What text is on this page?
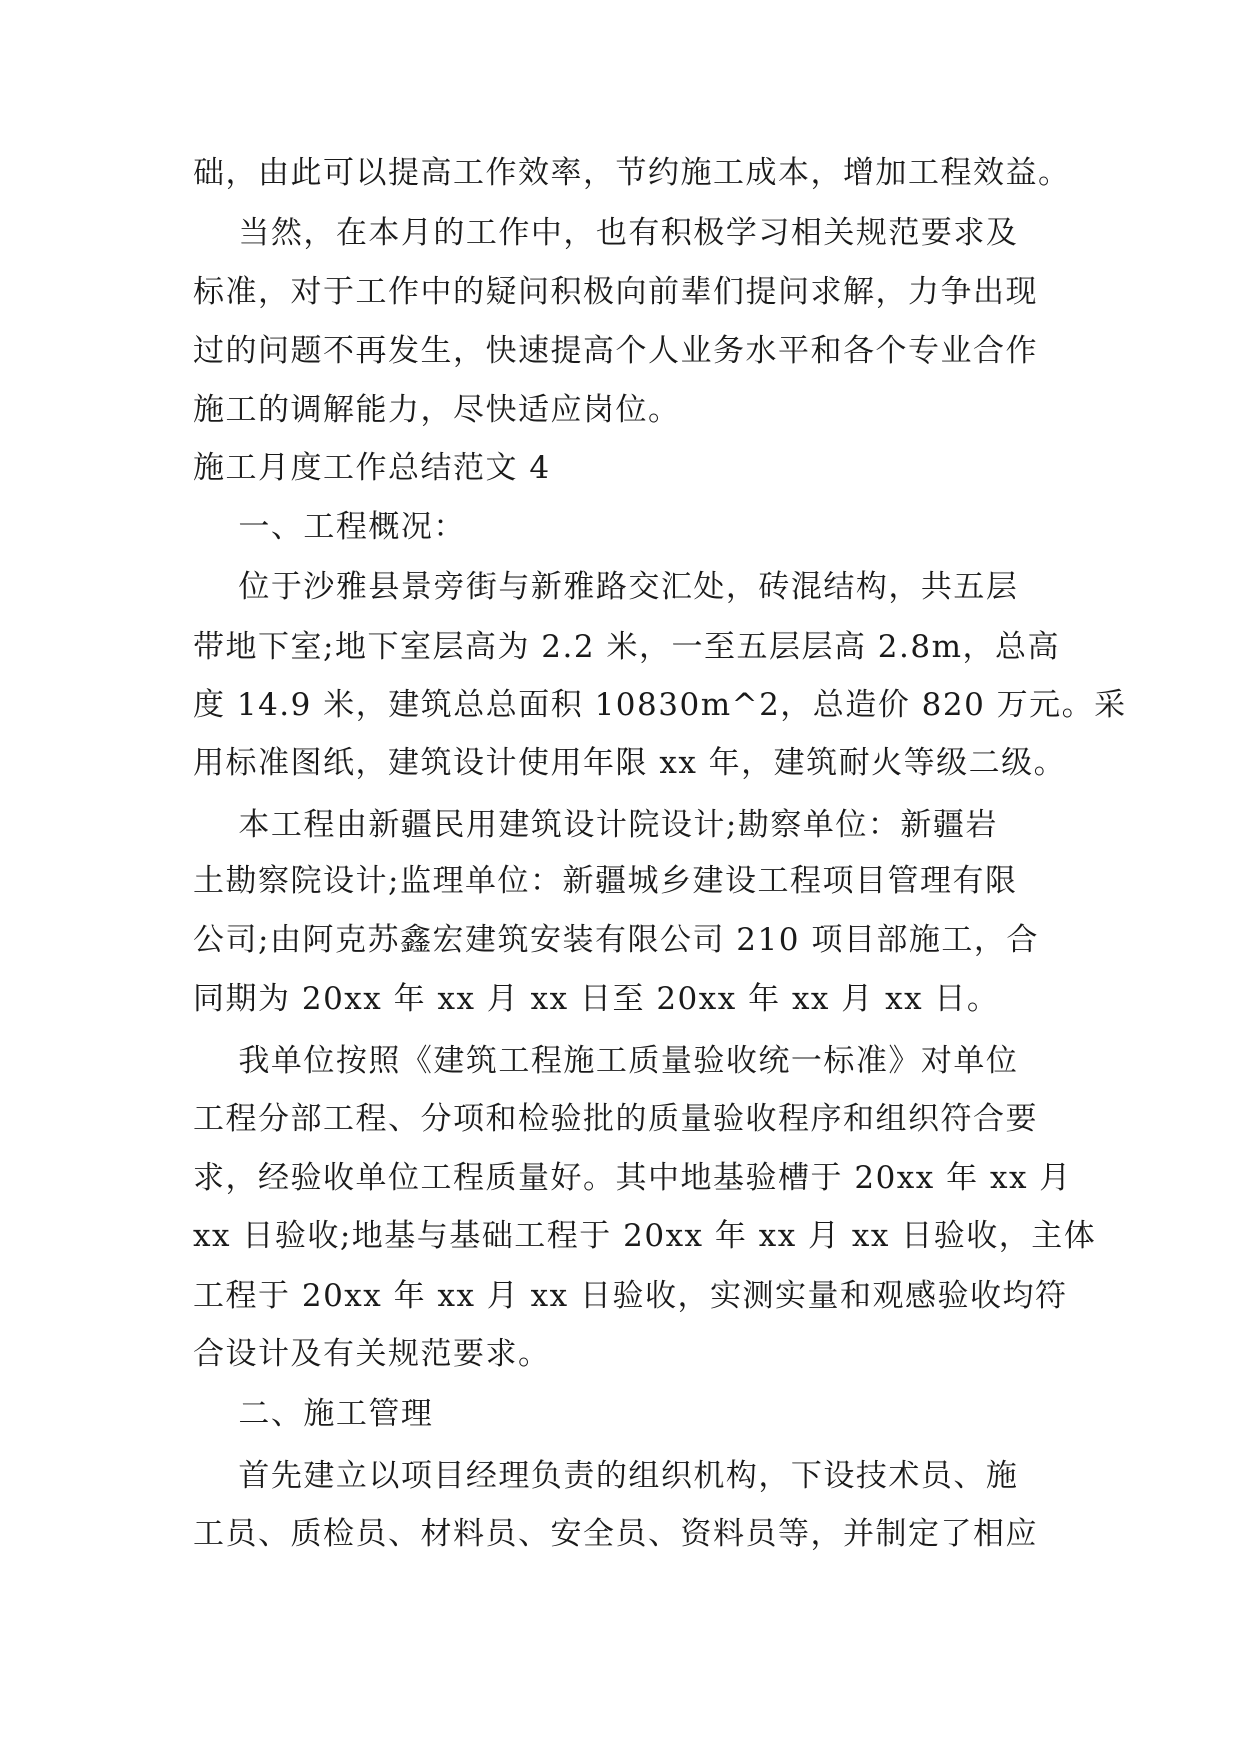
础，由此可以提高工作效率，节约施工成本，增加工程效益。
当然，在本月的工作中，也有积极学习相关规范要求及
标准，对于工作中的疑问积极向前辈们提问求解，力争出现
过的问题不再发生，快速提高个人业务水平和各个专业合作
施工的调解能力，尽快适应岗位。
施工月度工作总结范文 4
一、工程概况：
位于沙雅县景旁街与新雅路交汇处，砖混结构，共五层
带地下室;地下室层高为 2.2 米，一至五层层高 2.8m，总高
度 14.9 米，建筑总总面积 10830m^2，总造价 820 万元。采
用标准图纸，建筑设计使用年限 xx 年，建筑耐火等级二级。
本工程由新疆民用建筑设计院设计;勘察单位：新疆岩
土勘察院设计;监理单位：新疆城乡建设工程项目管理有限
公司;由阿克苏鑫宏建筑安装有限公司 210 项目部施工，合
同期为 20xx 年 xx 月 xx 日至 20xx 年 xx 月 xx 日。
我单位按照《建筑工程施工质量验收统一标准》对单位
工程分部工程、分项和检验批的质量验收程序和组织符合要
求，经验收单位工程质量好。其中地基验槽于 20xx 年 xx 月
xx 日验收;地基与基础工程于 20xx 年 xx 月 xx 日验收，主体
工程于 20xx 年 xx 月 xx 日验收，实测实量和观感验收均符
合设计及有关规范要求。
二、施工管理
首先建立以项目经理负责的组织机构，下设技术员、施
工员、质检员、材料员、安全员、资料员等，并制定了相应
